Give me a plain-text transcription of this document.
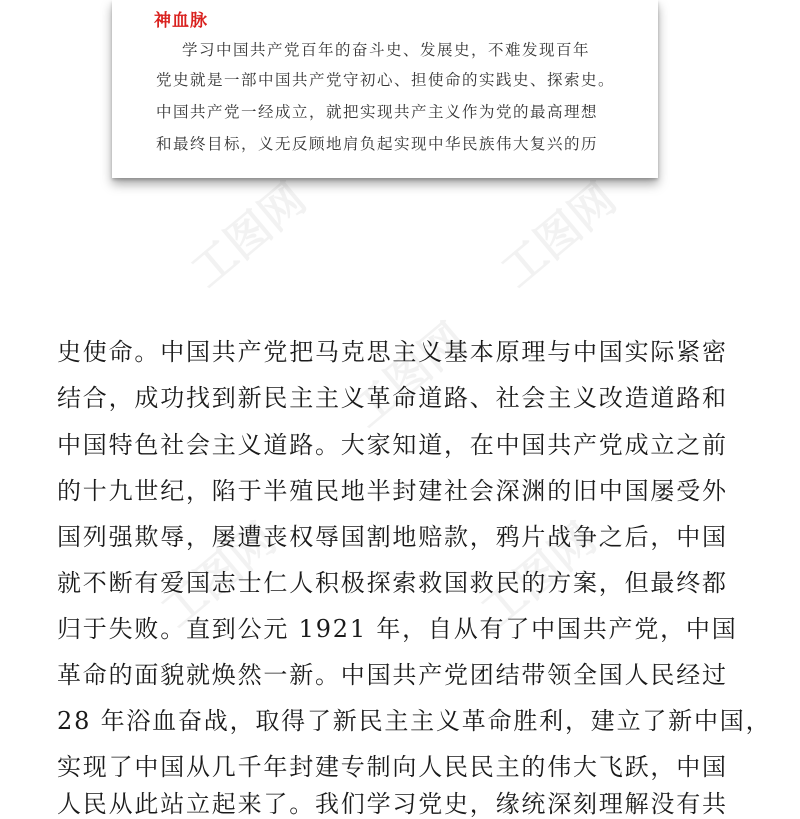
工图网	工图网
工图网
工图网	工图网
神血脉
学习中国共产党百年的奋斗史、发展史，不难发现百年
党史就是一部中国共产党守初心、担使命的实践史、探索史。
中国共产党一经成立，就把实现共产主义作为党的最高理想
和最终目标，义无反顾地肩负起实现中华民族伟大复兴的历
史使命。中国共产党把马克思主义基本原理与中国实际紧密
结合，成功找到新民主主义革命道路、社会主义改造道路和
中国特色社会主义道路。大家知道，在中国共产党成立之前
的十九世纪，陷于半殖民地半封建社会深渊的旧中国屡受外
国列强欺辱，屡遭丧权辱国割地赔款，鸦片战争之后，中国
就不断有爱国志士仁人积极探索救国救民的方案，但最终都
归于失败。直到公元 1921 年，自从有了中国共产党，中国
革命的面貌就焕然一新。中国共产党团结带领全国人民经过
28 年浴血奋战，取得了新民主主义革命胜利，建立了新中国，
实现了中国从几千年封建专制向人民民主的伟大飞跃，中国
人民从此站立起来了。我们学习党史，缘统深刻理解没有共
